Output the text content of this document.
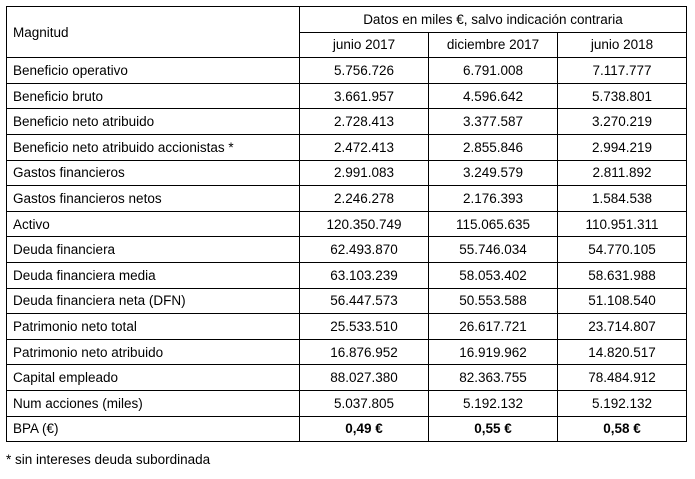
Magnitud	Datos en miles €, salvo indicación contraria		
	junio 2017	diciembre 2017	junio 2018
Beneficio operativo	5.756.726	6.791.008	7.117.777
Beneficio bruto	3.661.957	4.596.642	5.738.801
Beneficio neto atribuido	2.728.413	3.377.587	3.270.219
Beneficio neto atribuido accionistas *	2.472.413	2.855.846	2.994.219
Gastos financieros	2.991.083	3.249.579	2.811.892
Gastos financieros netos	2.246.278	2.176.393	1.584.538
Activo	120.350.749	115.065.635	110.951.311
Deuda financiera	62.493.870	55.746.034	54.770.105
Deuda financiera media	63.103.239	58.053.402	58.631.988
Deuda financiera neta (DFN)	56.447.573	50.553.588	51.108.540
Patrimonio neto total	25.533.510	26.617.721	23.714.807
Patrimonio neto atribuido	16.876.952	16.919.962	14.820.517
Capital empleado	88.027.380	82.363.755	78.484.912
Num acciones (miles)	5.037.805	5.192.132	5.192.132
BPA (€)	0,49 €	0,55 €	0,58 €
* sin intereses deuda subordinada
